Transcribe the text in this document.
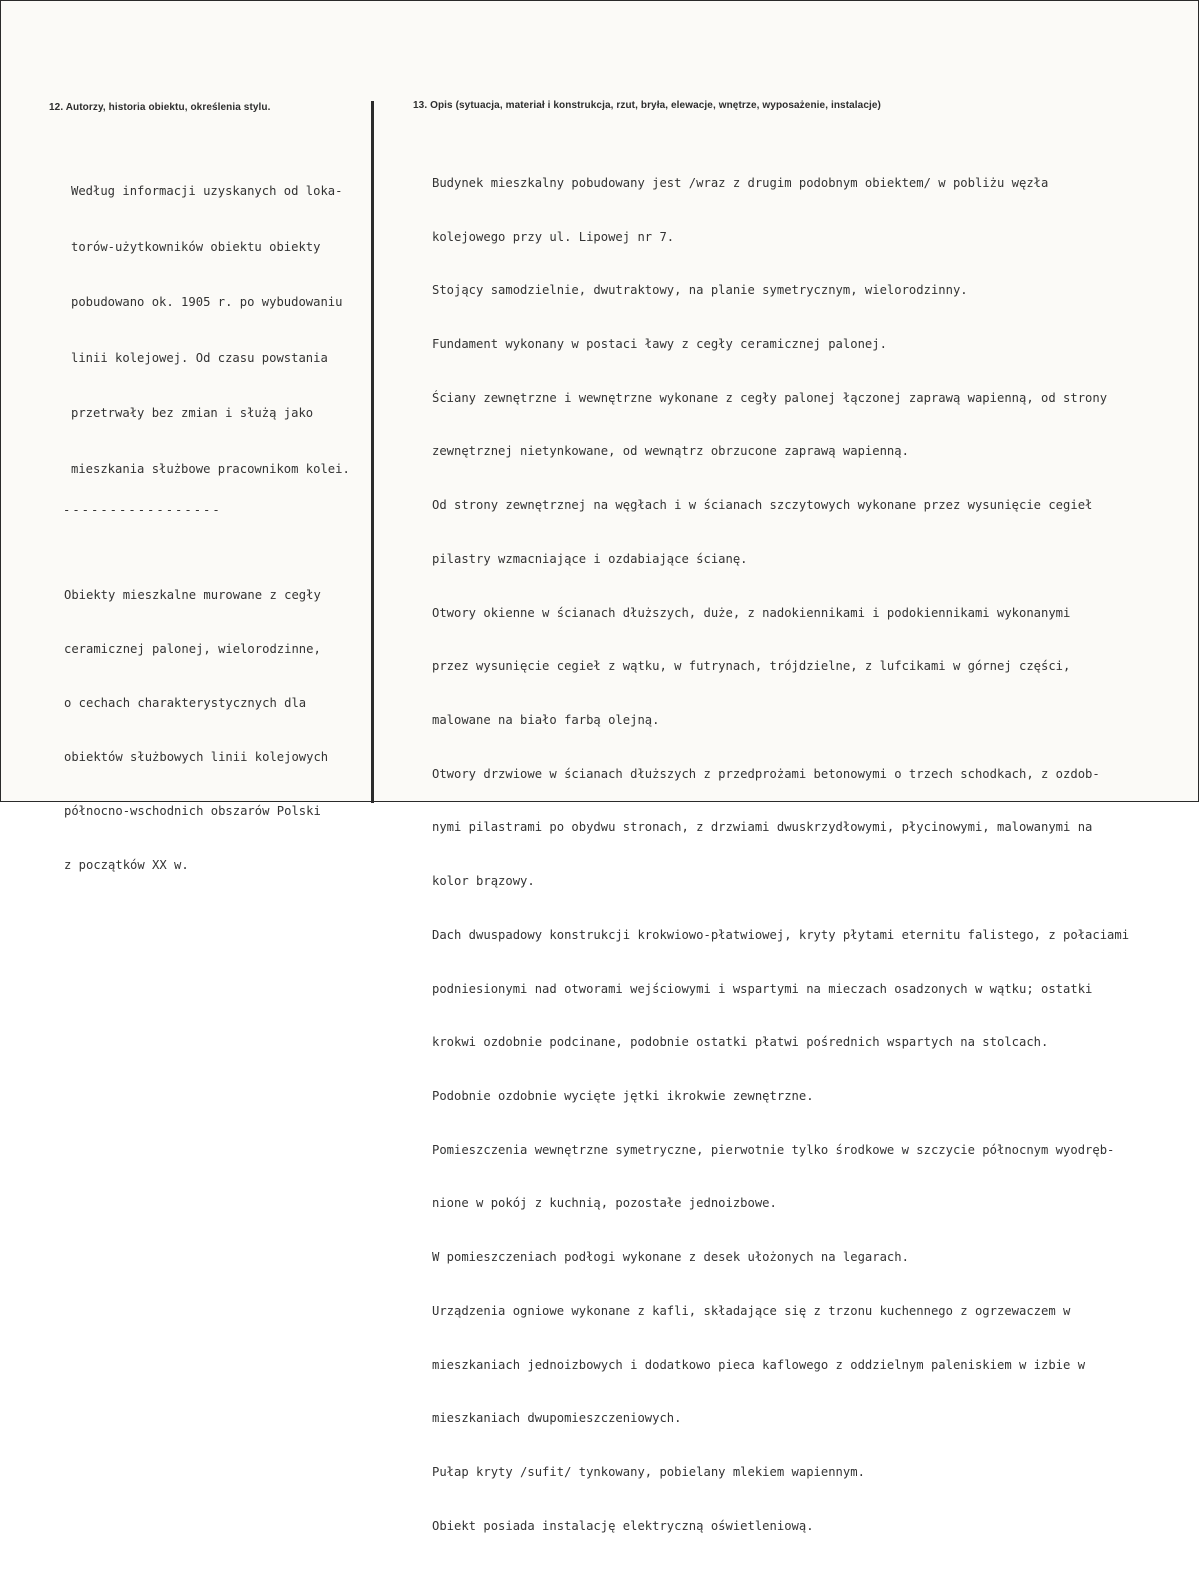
12. Autorzy, historia obiektu, określenia stylu.	13. Opis (sytuacja, materiał i konstrukcja, rzut, bryła, elewacje, wnętrze, wyposażenie, instalacje)

Według informacji uzyskanych od loka-

torów-użytkowników obiektu obiekty

pobudowano ok. 1905 r. po wybudowaniu

linii kolejowej. Od czasu powstania

przetrwały bez zmian i służą jako

mieszkania służbowe pracownikom kolei.

-----------------

Obiekty mieszkalne murowane z cegły

ceramicznej palonej, wielorodzinne,

o cechach charakterystycznych dla

obiektów służbowych linii kolejowych

północno-wschodnich obszarów Polski

z początków XX w.

Budynek mieszkalny pobudowany jest /wraz z drugim podobnym obiektem/ w pobliżu węzła

kolejowego przy ul. Lipowej nr 7.

Stojący samodzielnie, dwutraktowy, na planie symetrycznym, wielorodzinny.

Fundament wykonany w postaci ławy z cegły ceramicznej palonej.

Ściany zewnętrzne i wewnętrzne wykonane z cegły palonej łączonej zaprawą wapienną, od strony

zewnętrznej nietynkowane, od wewnątrz obrzucone zaprawą wapienną.

Od strony zewnętrznej na węgłach i w ścianach szczytowych wykonane przez wysunięcie cegieł

pilastry wzmacniające i ozdabiające ścianę.

Otwory okienne w ścianach dłuższych, duże, z nadokiennikami i podokiennikami wykonanymi

przez wysunięcie cegieł z wątku, w futrynach, trójdzielne, z lufcikami w górnej części,

malowane na biało farbą olejną.

Otwory drzwiowe w ścianach dłuższych z przedprożami betonowymi o trzech schodkach, z ozdob-

nymi pilastrami po obydwu stronach, z drzwiami dwuskrzydłowymi, płycinowymi, malowanymi na

kolor brązowy.

Dach dwuspadowy konstrukcji krokwiowo-płatwiowej, kryty płytami eternitu falistego, z połaciami

podniesionymi nad otworami wejściowymi i wspartymi na mieczach osadzonych w wątku; ostatki

krokwi ozdobnie podcinane, podobnie ostatki płatwi pośrednich wspartych na stolcach.

Podobnie ozdobnie wycięte jętki ikrokwie zewnętrzne.

Pomieszczenia wewnętrzne symetryczne, pierwotnie tylko środkowe w szczycie północnym wyodręb-

nione w pokój z kuchnią, pozostałe jednoizbowe.

W pomieszczeniach podłogi wykonane z desek ułożonych na legarach.

Urządzenia ogniowe wykonane z kafli, składające się z trzonu kuchennego z ogrzewaczem w

mieszkaniach jednoizbowych i dodatkowo pieca kaflowego z oddzielnym paleniskiem w izbie w

mieszkaniach dwupomieszczeniowych.

Pułap kryty /sufit/ tynkowany, pobielany mlekiem wapiennym.

Obiekt posiada instalację elektryczną oświetleniową.
